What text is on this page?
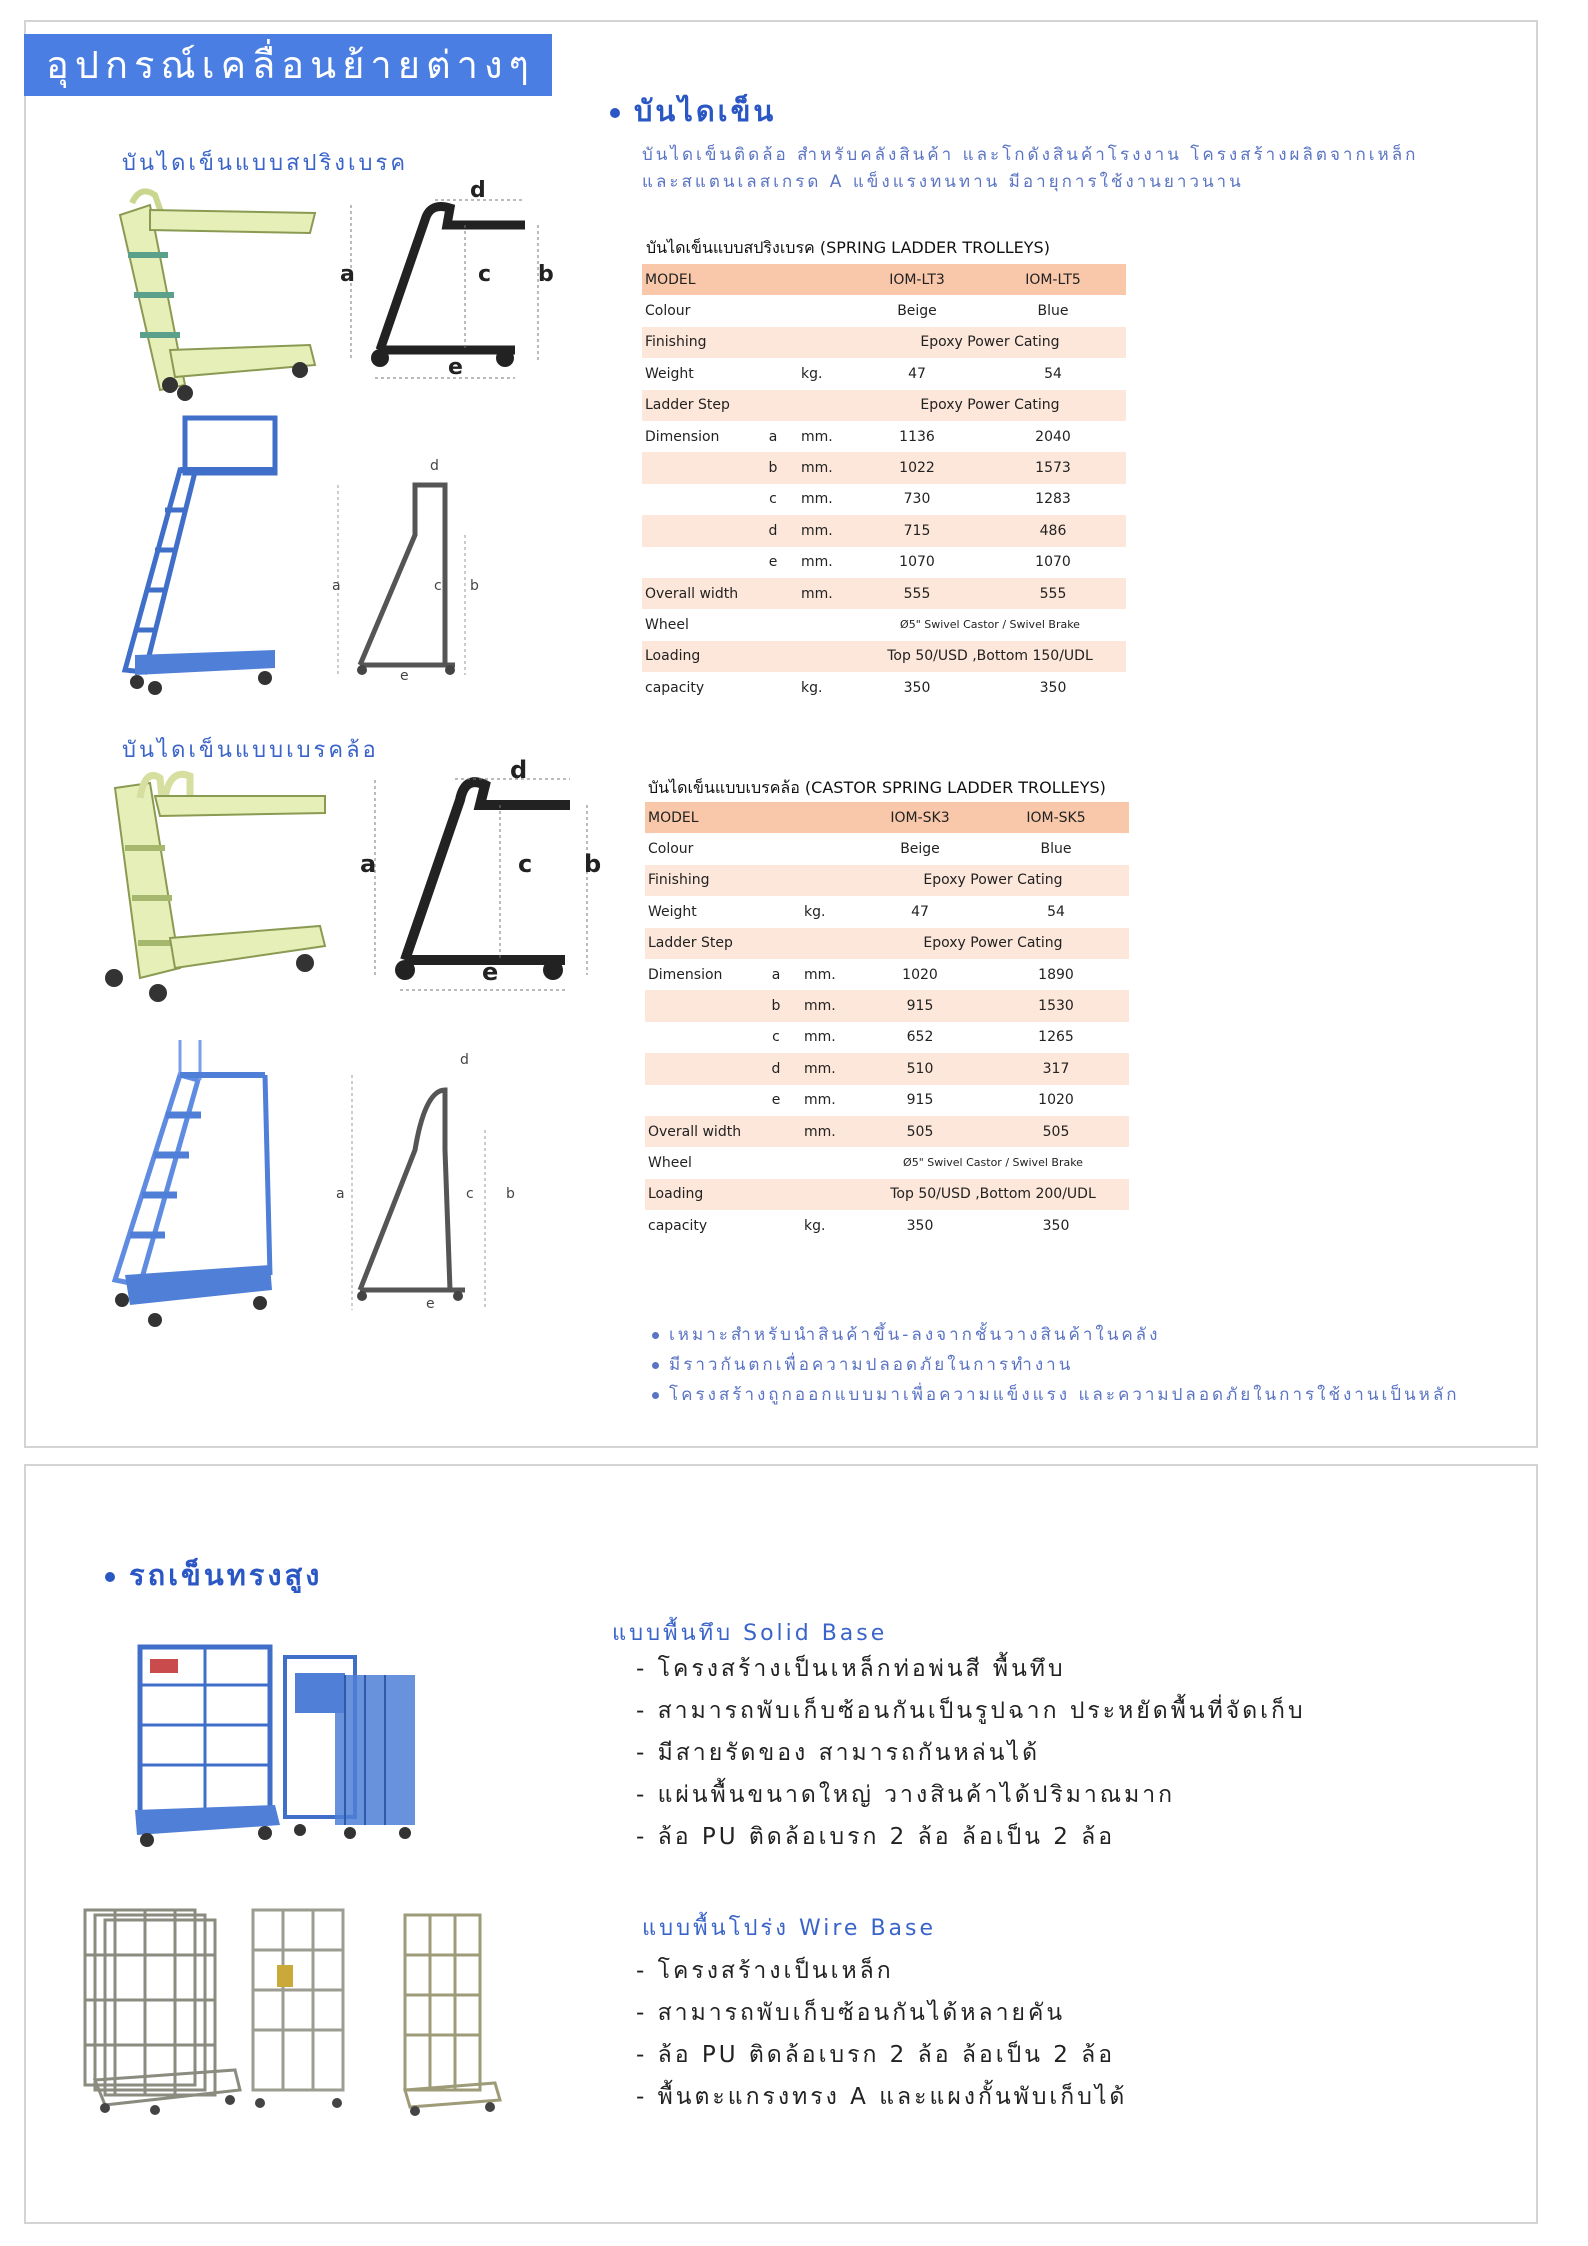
อุปกรณ์เคลื่อนย้ายต่างๆ
บันไดเข็น
บันไดเข็นติดล้อ สำหรับคลังสินค้า และโกดังสินค้าโรงงาน โครงสร้างผลิตจากเหล็ก
และสแตนเลสเกรด A แข็งแรงทนทาน มีอายุการใช้งานยาวนาน
บันไดเข็นแบบสปริงเบรค
บันไดเข็นแบบเบรคล้อ
a	b
c
d
e
a	b
c
d
e
a	b
c
d
e
a	b
c
d
e
บันไดเข็นแบบสปริงเบรค (SPRING LADDER TROLLEYS)
MODEL			IOM-LT3	IOM-LT5
Colour			Beige	Blue
Finishing			Epoxy Power Cating	
Weight		kg.	47	54
Ladder Step			Epoxy Power Cating	
Dimension	a	mm.	1136	2040
	b	mm.	1022	1573
	c	mm.	730	1283
	d	mm.	715	486
	e	mm.	1070	1070
Overall width		mm.	555	555
Wheel			Ø5" Swivel Castor / Swivel Brake	
Loading			Top 50/USD ,Bottom 150/UDL	
capacity		kg.	350	350
บันไดเข็นแบบเบรคล้อ (CASTOR SPRING LADDER TROLLEYS)
MODEL			IOM-SK3	IOM-SK5
Colour			Beige	Blue
Finishing			Epoxy Power Cating	
Weight		kg.	47	54
Ladder Step			Epoxy Power Cating	
Dimension	a	mm.	1020	1890
	b	mm.	915	1530
	c	mm.	652	1265
	d	mm.	510	317
	e	mm.	915	1020
Overall width		mm.	505	505
Wheel			Ø5" Swivel Castor / Swivel Brake	
Loading			Top 50/USD ,Bottom 200/UDL	
capacity		kg.	350	350
เหมาะสำหรับนำสินค้าขึ้น-ลงจากชั้นวางสินค้าในคลัง
มีราวกันตกเพื่อความปลอดภัยในการทำงาน
โครงสร้างถูกออกแบบมาเพื่อความแข็งแรง และความปลอดภัยในการใช้งานเป็นหลัก
รถเข็นทรงสูง
แบบพื้นทึบ Solid Base
- โครงสร้างเป็นเหล็กท่อพ่นสี พื้นทึบ
- สามารถพับเก็บซ้อนกันเป็นรูปฉาก ประหยัดพื้นที่จัดเก็บ
- มีสายรัดของ สามารถกันหล่นได้
- แผ่นพื้นขนาดใหญ่ วางสินค้าได้ปริมาณมาก
- ล้อ PU ติดล้อเบรก 2 ล้อ ล้อเป็น 2 ล้อ
แบบพื้นโปร่ง Wire Base
- โครงสร้างเป็นเหล็ก
- สามารถพับเก็บซ้อนกันได้หลายคัน
- ล้อ PU ติดล้อเบรก 2 ล้อ ล้อเป็น 2 ล้อ
- พื้นตะแกรงทรง A และแผงกั้นพับเก็บได้
